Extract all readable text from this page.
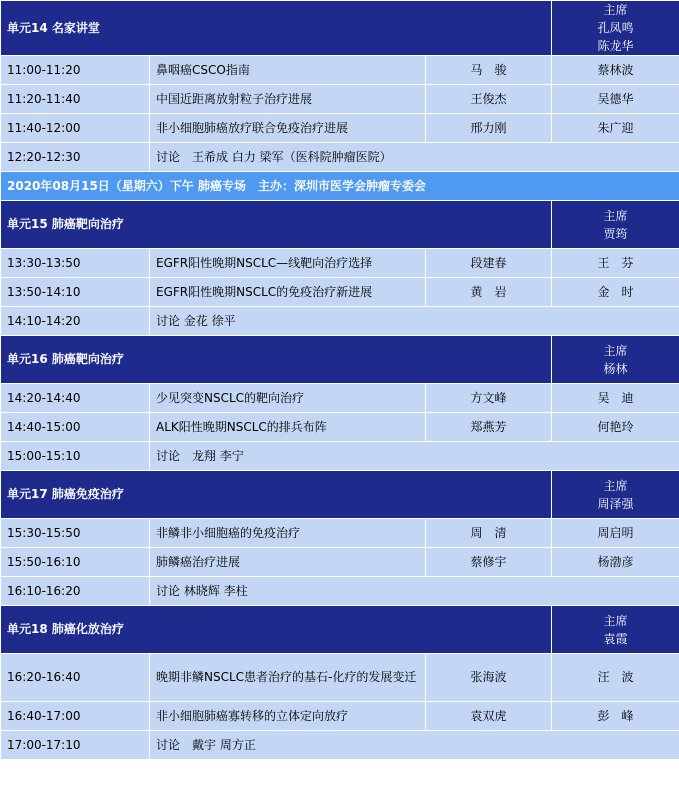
单元14 名家讲堂			主席
孔凤鸣
陈龙华

11:00-11:20	鼻咽癌CSCO指南	马　骏	蔡林波
11:20-11:40	中国近距离放射粒子治疗进展	王俊杰	吴德华
11:40-12:00	非小细胞肺癌放疗联合免疫治疗进展	邢力刚	朱广迎
12:20-12:30	讨论　王希成 白力 梁军（医科院肿瘤医院）		
2020年08月15日（星期六）下午 肺癌专场　主办：深圳市医学会肿瘤专委会			
单元15 肺癌靶向治疗			主席
贾筠

13:30-13:50	EGFR阳性晚期NSCLC—线靶向治疗选择	段建春	王　芬
13:50-14:10	EGFR阳性晚期NSCLC的免疫治疗新进展	黄　岩	金　时
14:10-14:20	讨论 金花 徐平		
单元16 肺癌靶向治疗			主席
杨林

14:20-14:40	少见突变NSCLC的靶向治疗	方文峰	吴　迪
14:40-15:00	ALK阳性晚期NSCLC的排兵布阵	郑燕芳	何艳玲
15:00-15:10	讨论　龙翔 李宁		
单元17 肺癌免疫治疗			主席
周泽强

15:30-15:50	非鳞非小细胞癌的免疫治疗	周　清	周启明
15:50-16:10	肺鳞癌治疗进展	蔡修宇	杨渤彦
16:10-16:20	讨论 林晓辉 李柱		
单元18 肺癌化放治疗			主席
袁霞

16:20-16:40	晚期非鳞NSCLC患者治疗的基石-化疗的发展变迁	张海波	汪　波
16:40-17:00	非小细胞肺癌寡转移的立体定向放疗	袁双虎	彭　峰
17:00-17:10	讨论　戴宇 周方正		
